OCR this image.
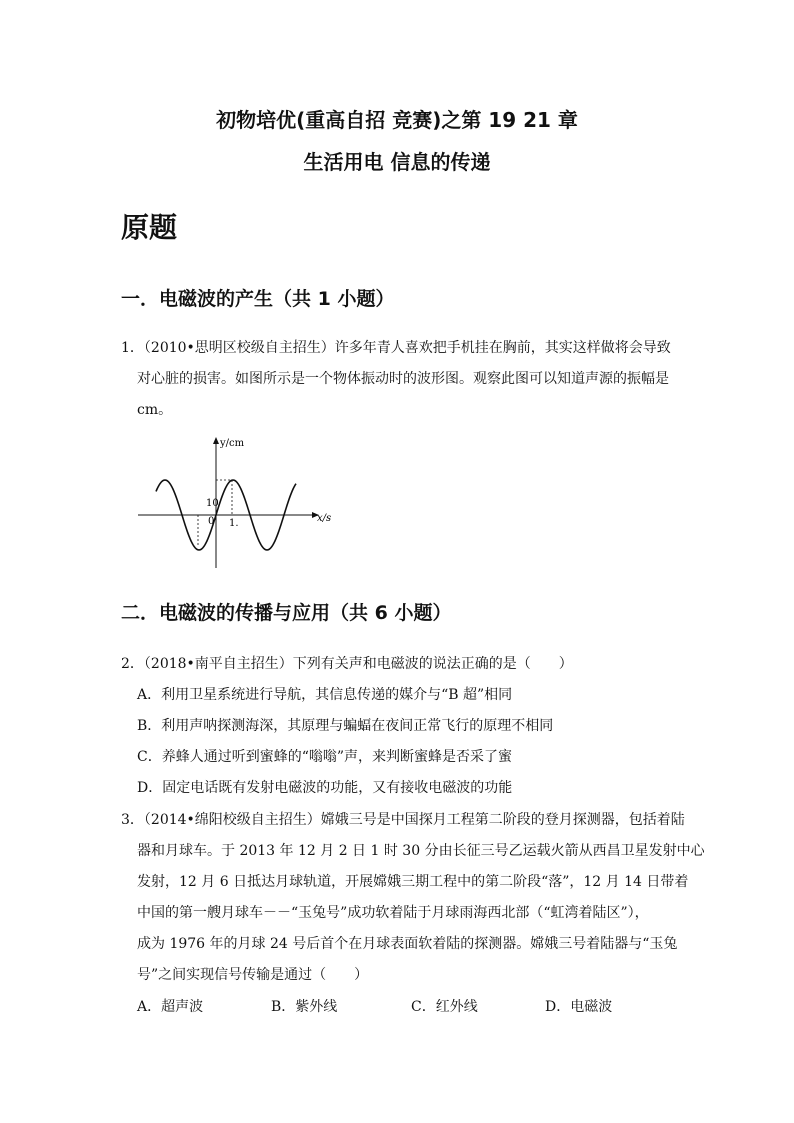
初物培优(重高自招 竞赛)之第 19 21 章
生活用电 信息的传递
原题
一．电磁波的产生（共 1 小题）
1．（2010•思明区校级自主招生）许多年青人喜欢把手机挂在胸前，其实这样做将会导致
对心脏的损害。如图所示是一个物体振动时的波形图。观察此图可以知道声源的振幅是
cm。
y/cm
10
0 1.	x/s
二．电磁波的传播与应用（共 6 小题）
2．（2018•南平自主招生）下列有关声和电磁波的说法正确的是（　　）
A．利用卫星系统进行导航，其信息传递的媒介与“B 超”相同
B．利用声呐探测海深，其原理与蝙蝠在夜间正常飞行的原理不相同
C．养蜂人通过听到蜜蜂的“嗡嗡”声，来判断蜜蜂是否采了蜜
D．固定电话既有发射电磁波的功能，又有接收电磁波的功能
3．（2014•绵阳校级自主招生）嫦娥三号是中国探月工程第二阶段的登月探测器，包括着陆
器和月球车。于 2013 年 12 月 2 日 1 时 30 分由长征三号乙运载火箭从西昌卫星发射中心
发射，12 月 6 日抵达月球轨道，开展嫦娥三期工程中的第二阶段“落”，12 月 14 日带着
中国的第一艘月球车－－“玉兔号”成功软着陆于月球雨海西北部（“虹湾着陆区”），
成为 1976 年的月球 24 号后首个在月球表面软着陆的探测器。嫦娥三号着陆器与“玉兔
号”之间实现信号传输是通过（　　）
A．超声波	B．紫外线	C．红外线	D．电磁波
